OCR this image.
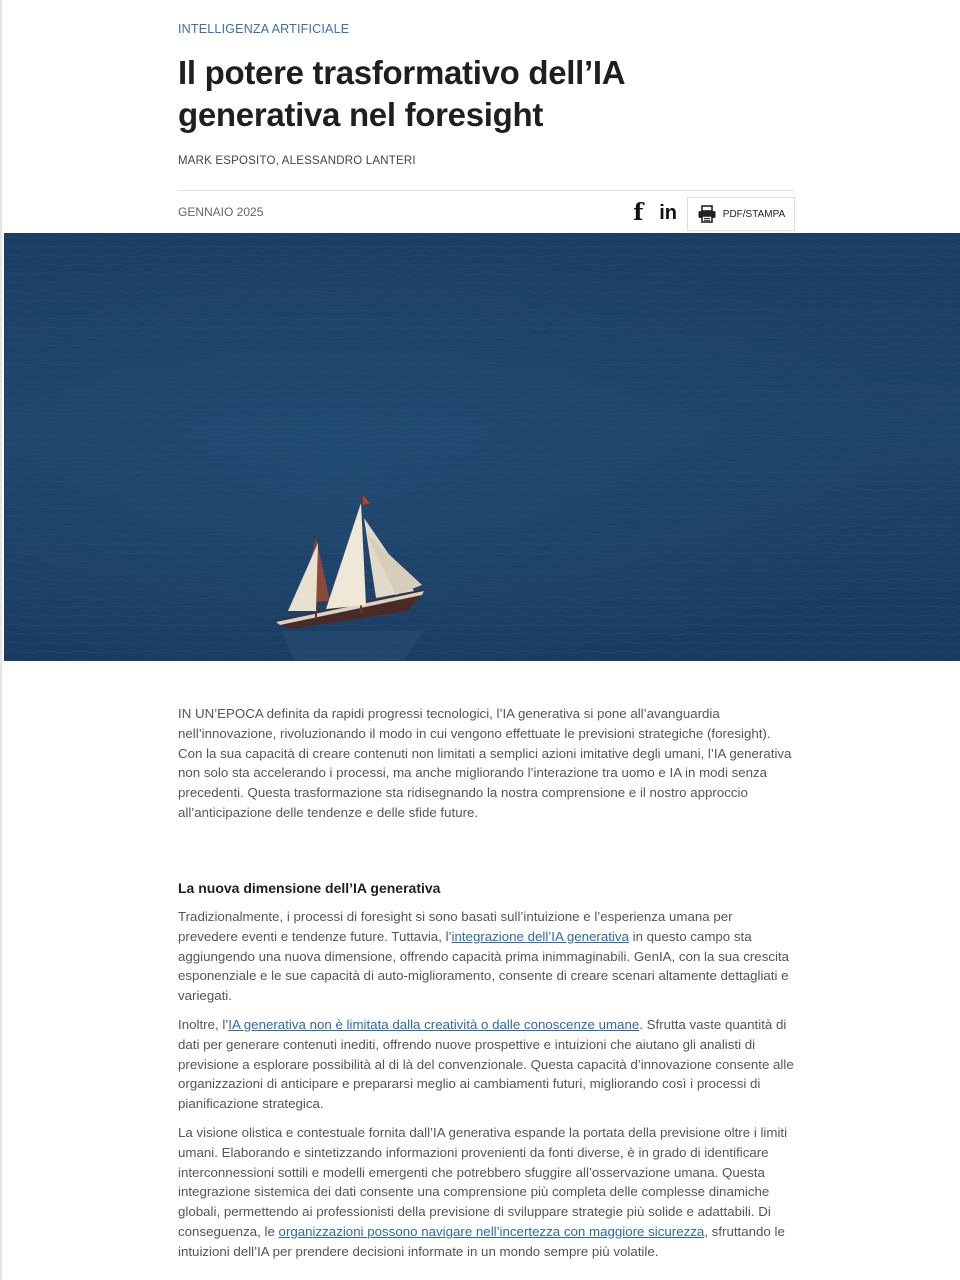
INTELLIGENZA ARTIFICIALE
Il potere trasformativo dell’IA generativa nel foresight
MARK ESPOSITO, ALESSANDRO LANTERI
GENNAIO 2025	f in	PDF/STAMPA

IN UN’EPOCA definita da rapidi progressi tecnologici, l’IA generativa si pone all’avanguardia nell’innovazione, rivoluzionando il modo in cui vengono effettuate le previsioni strategiche (foresight). Con la sua capacità di creare contenuti non limitati a semplici azioni imitative degli umani, l’IA generativa non solo sta accelerando i processi, ma anche migliorando l’interazione tra uomo e IA in modi senza precedenti. Questa trasformazione sta ridisegnando la nostra comprensione e il nostro approccio all’anticipazione delle tendenze e delle sfide future.

La nuova dimensione dell’IA generativa

Tradizionalmente, i processi di foresight si sono basati sull’intuizione e l’esperienza umana per prevedere eventi e tendenze future. Tuttavia, l’integrazione dell’IA generativa in questo campo sta aggiungendo una nuova dimensione, offrendo capacità prima inimmaginabili. GenIA, con la sua crescita esponenziale e le sue capacità di auto-miglioramento, consente di creare scenari altamente dettagliati e variegati.

Inoltre, l’IA generativa non è limitata dalla creatività o dalle conoscenze umane. Sfrutta vaste quantità di dati per generare contenuti inediti, offrendo nuove prospettive e intuizioni che aiutano gli analisti di previsione a esplorare possibilità al di là del convenzionale. Questa capacità d’innovazione consente alle organizzazioni di anticipare e prepararsi meglio ai cambiamenti futuri, migliorando così i processi di pianificazione strategica.

La visione olistica e contestuale fornita dall’IA generativa espande la portata della previsione oltre i limiti umani. Elaborando e sintetizzando informazioni provenienti da fonti diverse, è in grado di identificare interconnessioni sottili e modelli emergenti che potrebbero sfuggire all’osservazione umana. Questa integrazione sistemica dei dati consente una comprensione più completa delle complesse dinamiche globali, permettendo ai professionisti della previsione di sviluppare strategie più solide e adattabili. Di conseguenza, le organizzazioni possono navigare nell’incertezza con maggiore sicurezza, sfruttando le intuizioni dell’IA per prendere decisioni informate in un mondo sempre più volatile.
